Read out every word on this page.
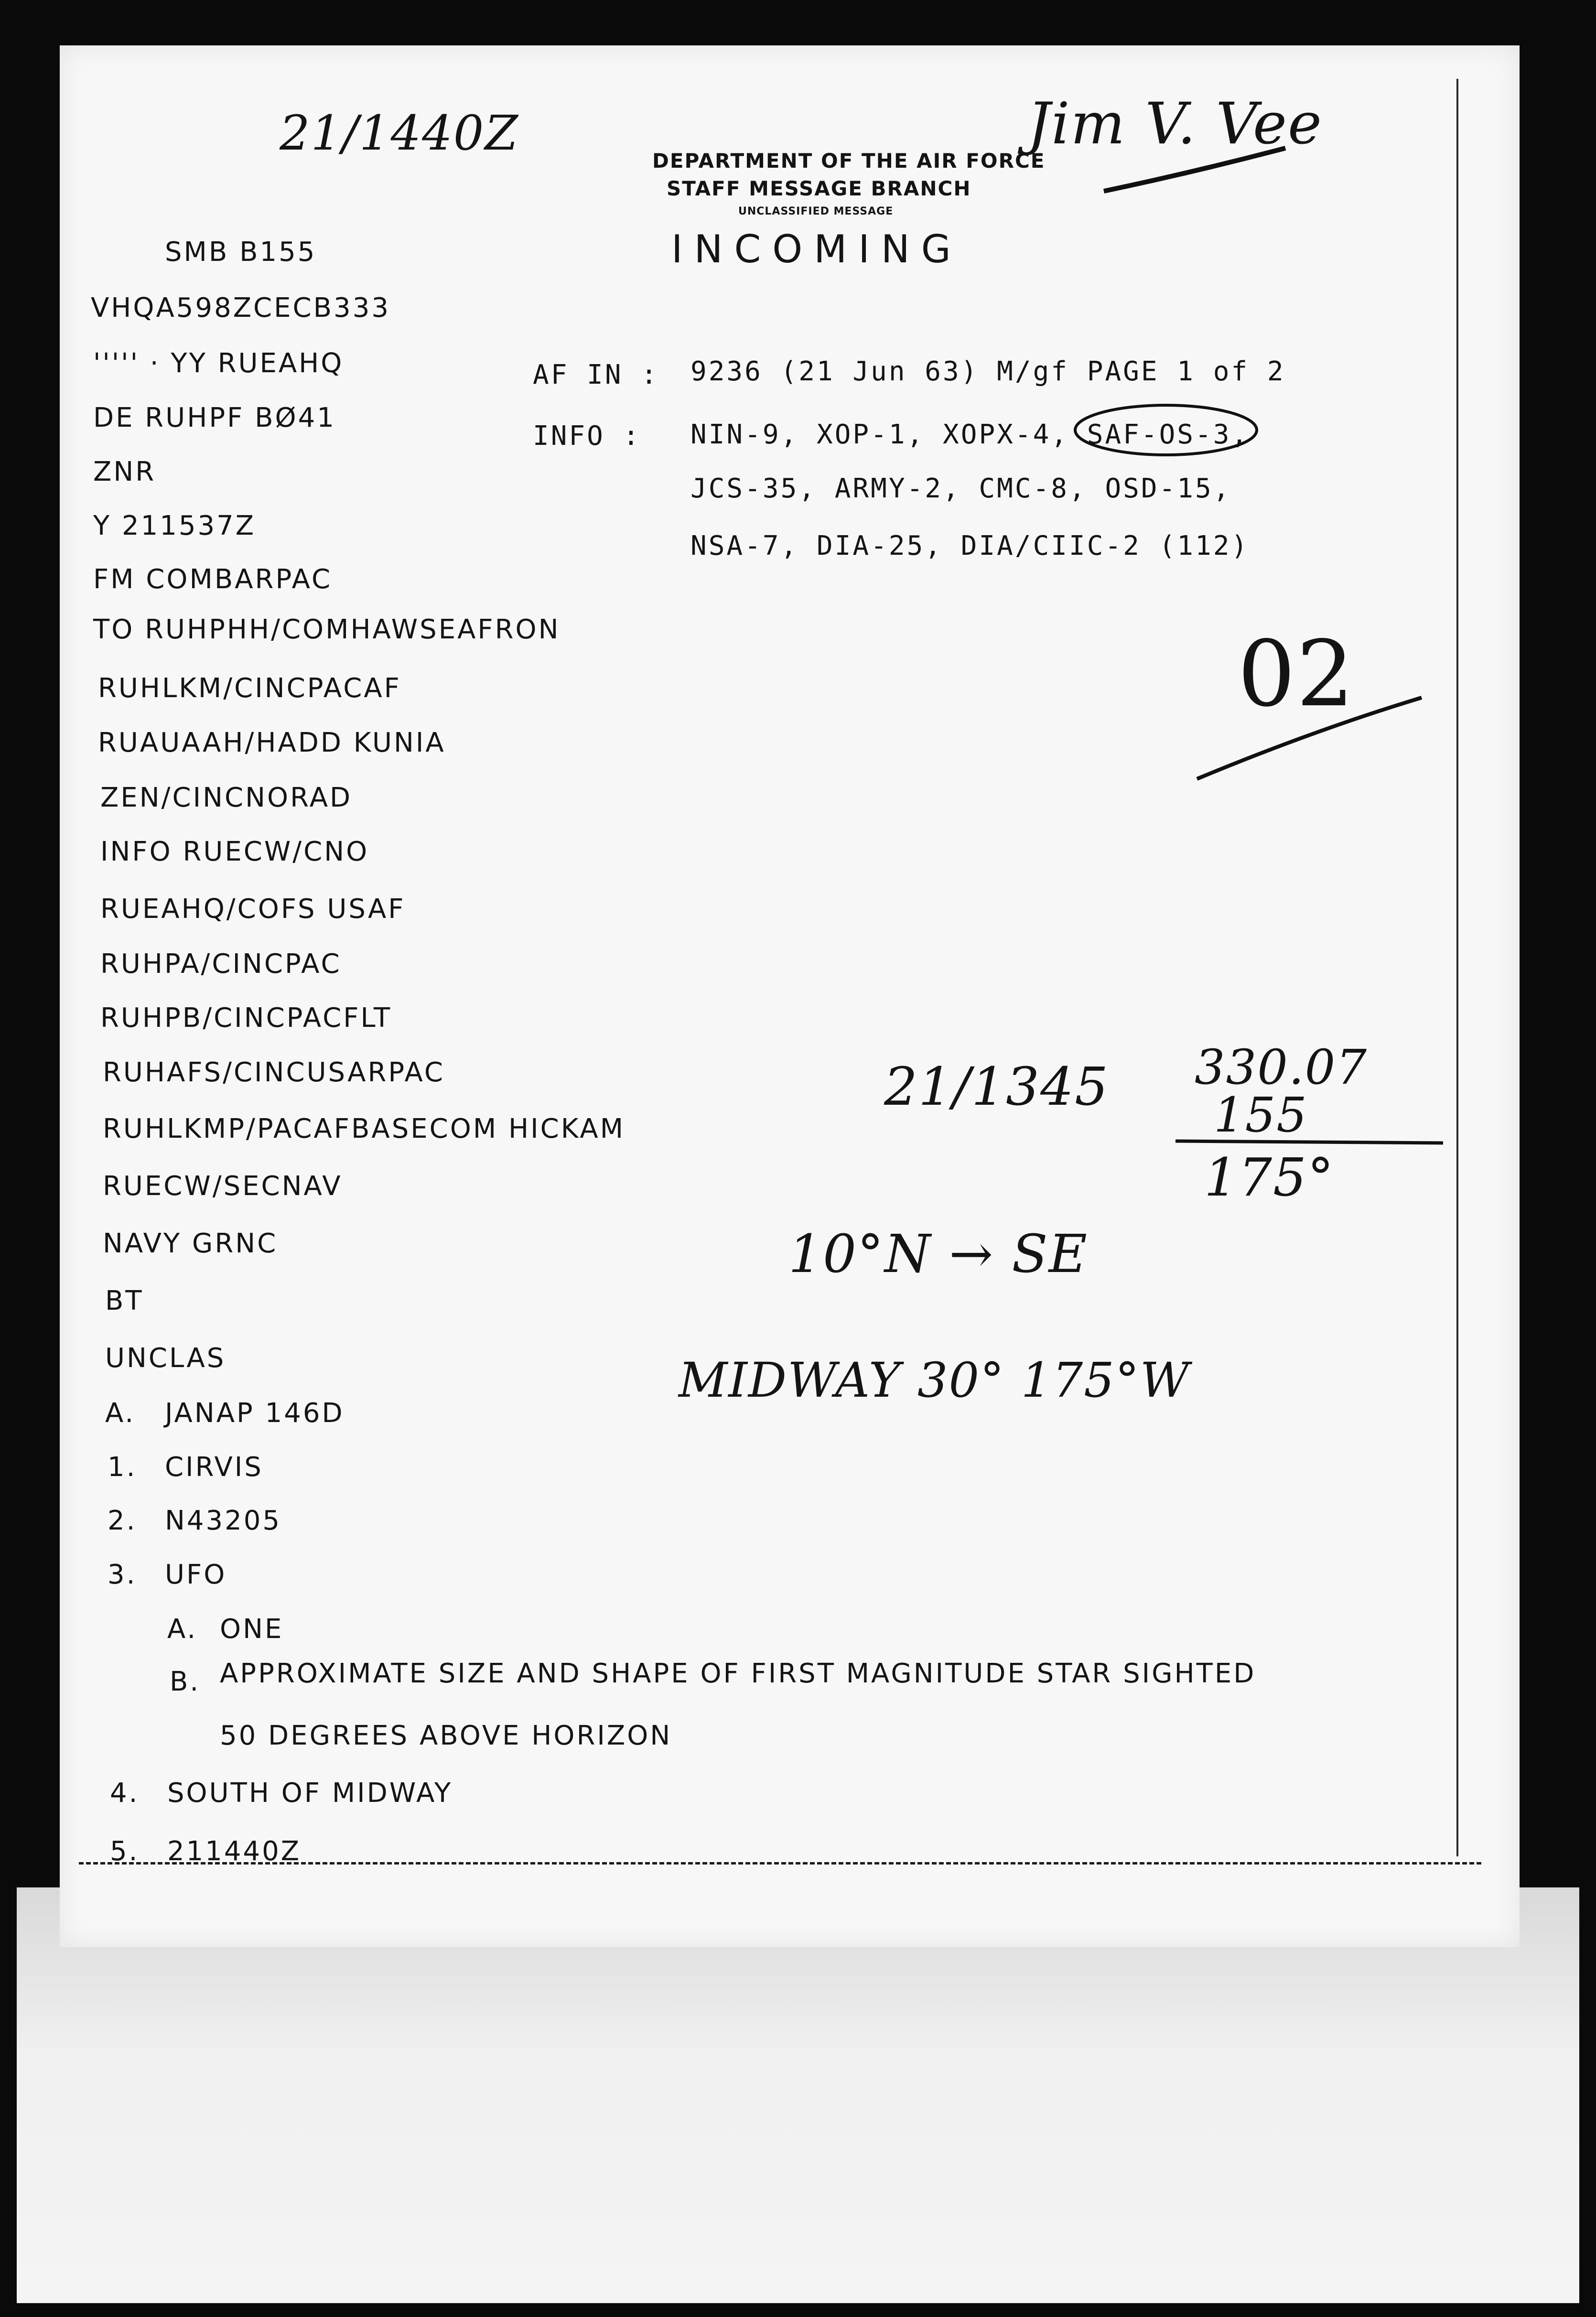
21/1440Z	Jim V. Vee
DEPARTMENT OF THE AIR FORCE
STAFF MESSAGE BRANCH
UNCLASSIFIED MESSAGE
INCOMING
SMB B155
VHQA598ZCECB333
''''' · YY RUEAHQ
DE RUHPF BØ41
ZNR
Y 211537Z
FM COMBARPAC
TO RUHPHH/COMHAWSEAFRON
RUHLKM/CINCPACAF
RUAUAAH/HADD KUNIA
ZEN/CINCNORAD
INFO RUECW/CNO
RUEAHQ/COFS USAF
RUHPA/CINCPAC
RUHPB/CINCPACFLT
RUHAFS/CINCUSARPAC
RUHLKMP/PACAFBASECOM HICKAM
RUECW/SECNAV
NAVY GRNC
BT
UNCLAS
AF IN : 9236 (21 Jun 63) M/gf PAGE 1 of 2
INFO : NIN-9, XOP-1, XOPX-4, SAF-OS-3,
JCS-35, ARMY-2, CMC-8, OSD-15,
NSA-7, DIA-25, DIA/CIIC-2 (112)
02
21/1345 330.07
155
175°
10°N → SE
MIDWAY 30° 175°W
A. JANAP 146D
1. CIRVIS
2. N43205
3. UFO
A. ONE
B. APPROXIMATE SIZE AND SHAPE OF FIRST MAGNITUDE STAR SIGHTED
50 DEGREES ABOVE HORIZON
4. SOUTH OF MIDWAY
5. 211440Z
